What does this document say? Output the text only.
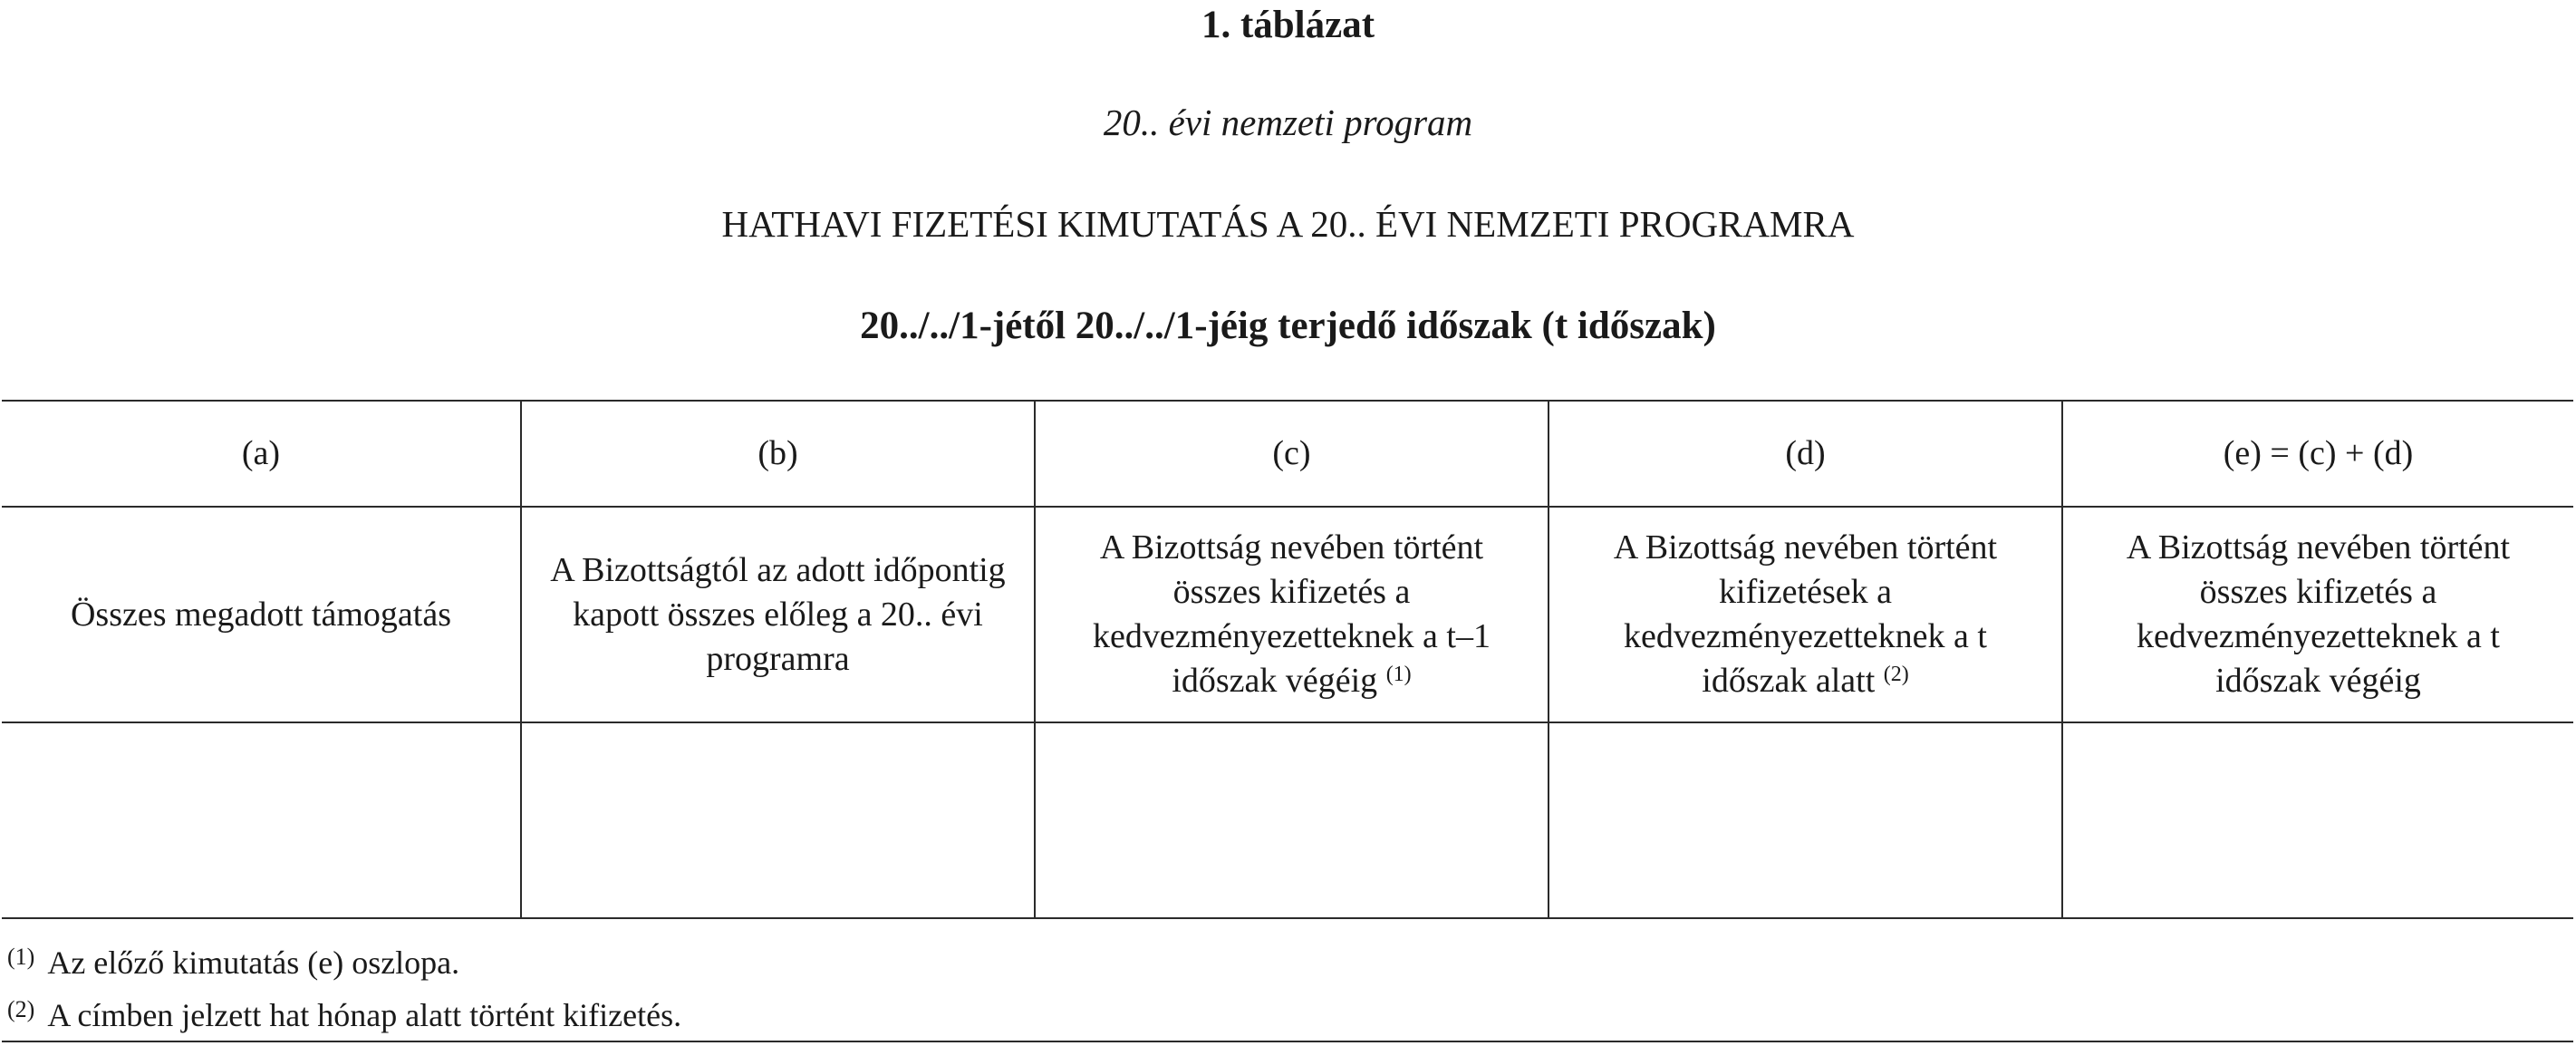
1. táblázat
20.. évi nemzeti program
HATHAVI FIZETÉSI KIMUTATÁS A 20.. ÉVI NEMZETI PROGRAMRA
20../../1-jétől 20../../1-jéig terjedő időszak (t időszak)
(a)	(b)	(c)	(d)	(e) = (c) + (d)
Összes megadott támogatás	A Bizottságtól az adott időpontig kapott összes előleg a 20.. évi programra	A Bizottság nevében történt összes kifizetés a kedvezményezetteknek a t–1 időszak végéig $^{(1)}$	A Bizottság nevében történt kifizetések a kedvezményezetteknek a t időszak alatt $^{(2)}$	A Bizottság nevében történt összes kifizetés a kedvezményezetteknek a t időszak végéig

$^{(1)}$ Az előző kimutatás (e) oszlopa.
$^{(2)}$ A címben jelzett hat hónap alatt történt kifizetés.
